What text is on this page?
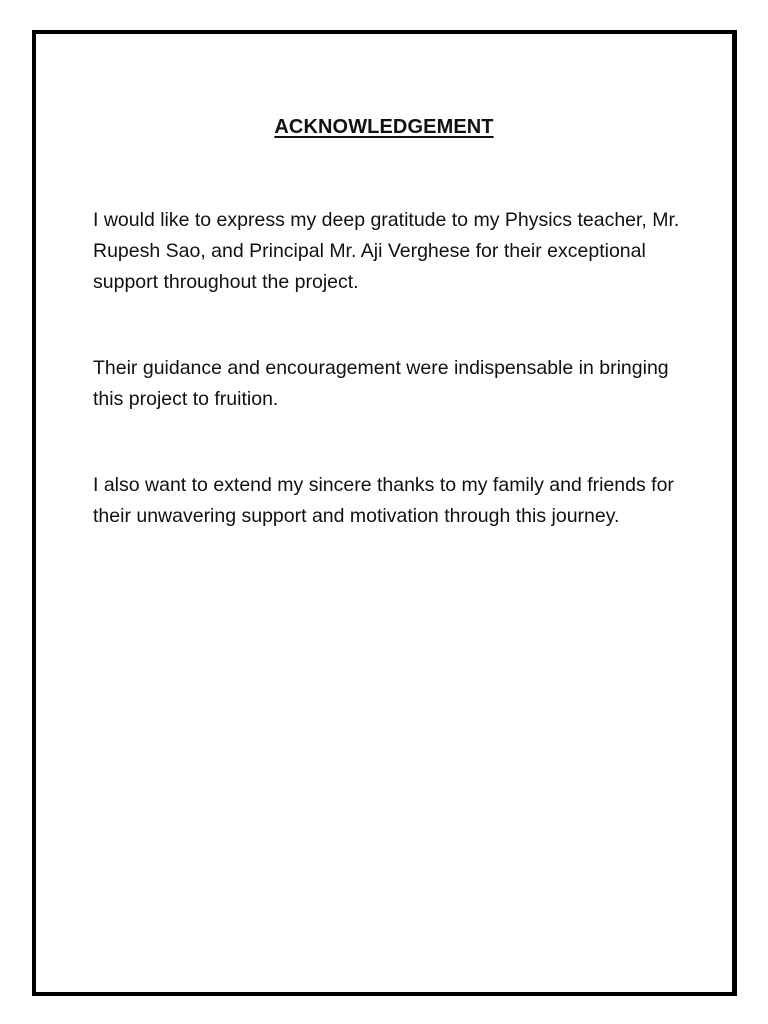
ACKNOWLEDGEMENT

I would like to express my deep gratitude to my Physics teacher, Mr. Rupesh Sao, and Principal Mr. Aji Verghese for their exceptional support throughout the project.

Their guidance and encouragement were indispensable in bringing this project to fruition.

I also want to extend my sincere thanks to my family and friends for their unwavering support and motivation through this journey.
